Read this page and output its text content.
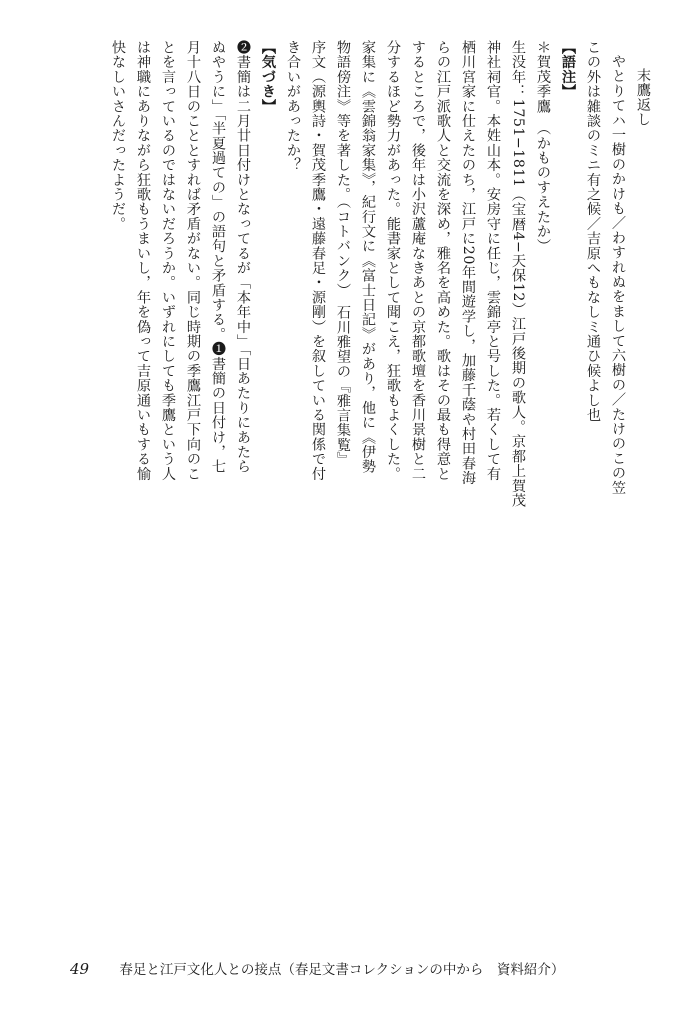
末鷹返し

やとりてハ一樹のかけも／わすれぬをまして六樹の／たけのこの笠

この外は雑談のミニ有之候／吉原へもなしミ通ひ候よし也

【語注】

＊賀茂季鷹　（かものすえたか）

生没年：1751−1811（宝暦4−天保12）江戸後期の歌人。京都上賀茂

神社祠官。本姓山本。安房守に任じ，雲錦亭と号した。若くして有

栖川宮家に仕えたのち，江戸に20年間遊学し，加藤千蔭や村田春海

らの江戸派歌人と交流を深め，雅名を高めた。歌はその最も得意と

するところで，後年は小沢蘆庵なきあとの京都歌壇を香川景樹と二

分するほど勢力があった。能書家として聞こえ，狂歌もよくした。

家集に《雲錦翁家集》，紀行文に《富士日記》があり，他に《伊勢

物語傍注》等を著した。（コトバンク）　石川雅望の『雅言集覧』

序文（源輿詩・賀茂季鷹・遠藤春足・源剛）を叙している関係で付

き合いがあったか？

【気づき】

❷書簡は二月廿日付けとなってるが「本年中」「日あたりにあたら

ぬやうに」「半夏過ての」の語句と矛盾する。❶書簡の日付け，七

月十八日のこととすれば矛盾がない。同じ時期の季鷹江戸下向のこ

とを言っているのではないだろうか。いずれにしても季鷹という人

は神職にありながら狂歌もうまいし，年を偽って吉原通いもする愉

快なしいさんだったようだ。

49 春足と江戸文化人との接点（春足文書コレクションの中から　資料紹介）
